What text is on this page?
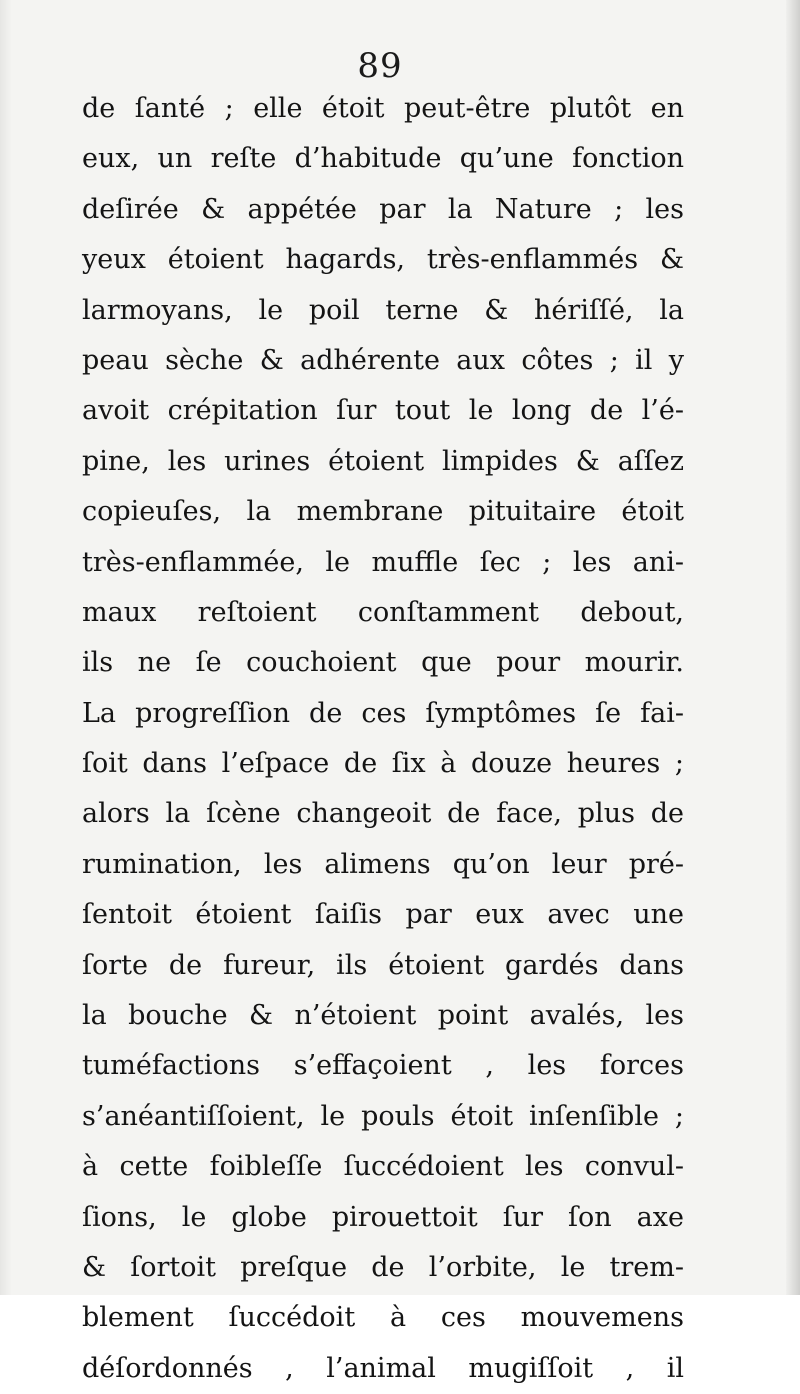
89
de ſanté ; elle étoit peut-être plutôt en
eux, un reſte d’habitude qu’une fonction
deſirée & appétée par la Nature ; les
yeux étoient hagards, très-enflammés &
larmoyans, le poil terne & hériſſé, la
peau sèche & adhérente aux côtes ; il y
avoit crépitation ſur tout le long de l’é-
pine, les urines étoient limpides & aſſez
copieuſes, la membrane pituitaire étoit
très-enflammée, le muffle ſec ; les ani-
maux reſtoient conſtamment debout,
ils ne ſe couchoient que pour mourir.
La progreſſion de ces ſymptômes ſe fai-
ſoit dans l’eſpace de ſix à douze heures ;
alors la ſcène changeoit de face, plus de
rumination, les alimens qu’on leur pré-
ſentoit étoient ſaiſis par eux avec une
ſorte de fureur, ils étoient gardés dans
la bouche & n’étoient point avalés, les
tuméfactions s’effaçoient , les forces
s’anéantiſſoient, le pouls étoit inſenſible ;
à cette foibleſſe ſuccédoient les convul-
ſions, le globe pirouettoit ſur ſon axe
& ſortoit preſque de l’orbite, le trem-
blement ſuccédoit à ces mouvemens
déſordonnés , l’animal mugiſſoit , il
